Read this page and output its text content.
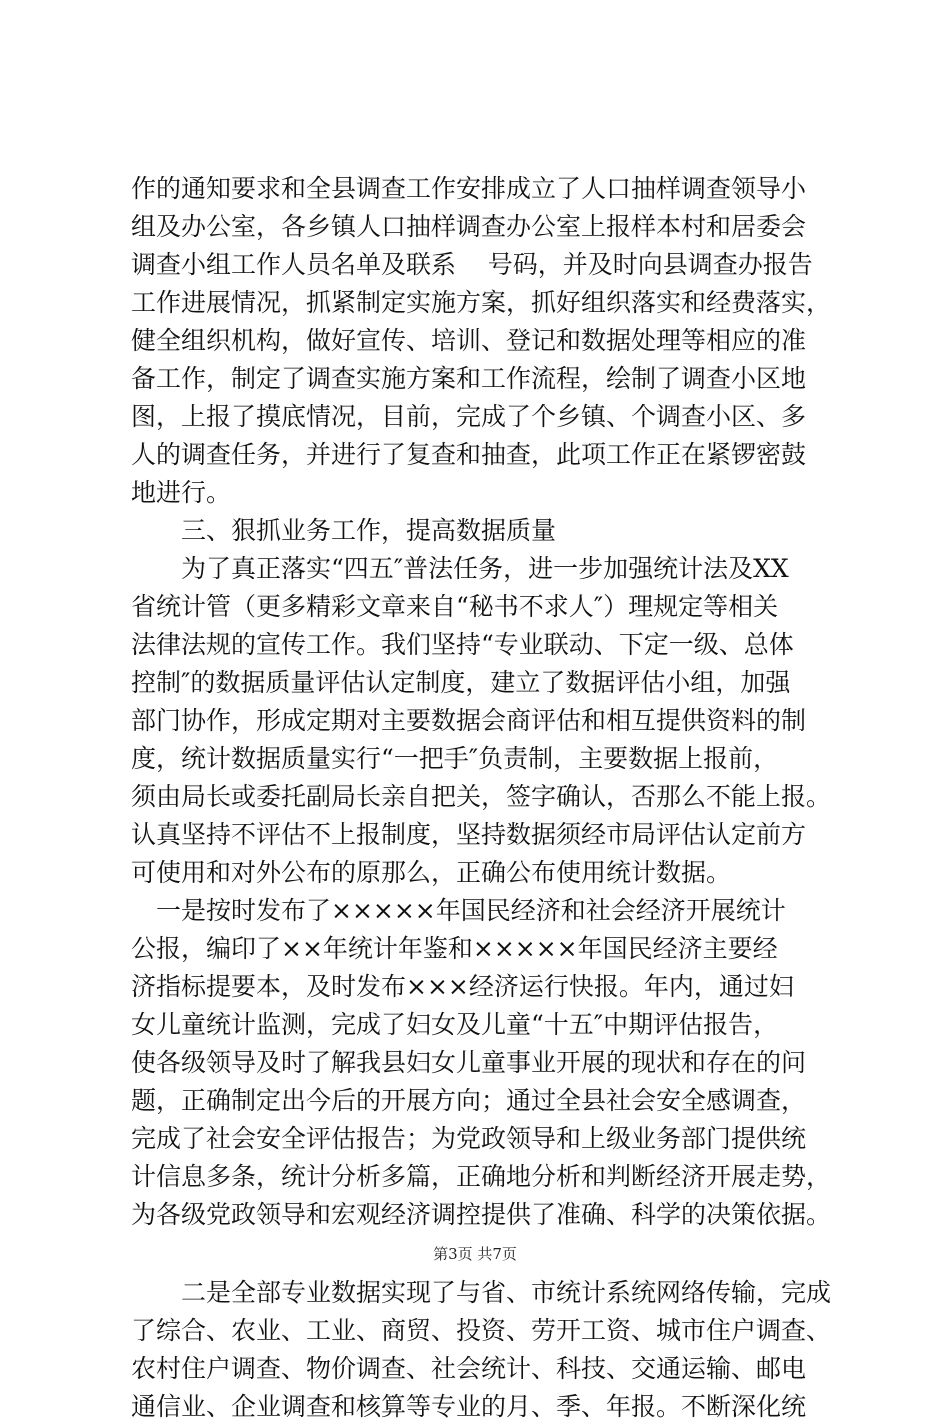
作的通知要求和全县调查工作安排成立了人口抽样调查领导小
组及办公室，各乡镇人口抽样调查办公室上报样本村和居委会
调查小组工作人员名单及联系    号码，并及时向县调查办报告
工作进展情况，抓紧制定实施方案，抓好组织落实和经费落实，
健全组织机构，做好宣传、培训、登记和数据处理等相应的准
备工作，制定了调查实施方案和工作流程，绘制了调查小区地
图，上报了摸底情况，目前，完成了个乡镇、个调查小区、多
人的调查任务，并进行了复查和抽查，此项工作正在紧锣密鼓
地进行。
三、狠抓业务工作，提高数据质量
为了真正落实“四五″普法任务，进一步加强统计法及XX
省统计管（更多精彩文章来自“秘书不求人″）理规定等相关
法律法规的宣传工作。我们坚持“专业联动、下定一级、总体
控制″的数据质量评估认定制度，建立了数据评估小组，加强
部门协作，形成定期对主要数据会商评估和相互提供资料的制
度，统计数据质量实行“一把手″负责制，主要数据上报前，
须由局长或委托副局长亲自把关，签字确认，否那么不能上报。
认真坚持不评估不上报制度，坚持数据须经市局评估认定前方
可使用和对外公布的原那么，正确公布使用统计数据。
一是按时发布了×××××年国民经济和社会经济开展统计
公报，编印了××年统计年鉴和×××××年国民经济主要经
济指标提要本，及时发布×××经济运行快报。年内，通过妇
女儿童统计监测，完成了妇女及儿童“十五″中期评估报告，
使各级领导及时了解我县妇女儿童事业开展的现状和存在的问
题，正确制定出今后的开展方向；通过全县社会安全感调查，
完成了社会安全评估报告；为党政领导和上级业务部门提供统
计信息多条，统计分析多篇，正确地分析和判断经济开展走势，
为各级党政领导和宏观经济调控提供了准确、科学的决策依据。
二是全部专业数据实现了与省、市统计系统网络传输，完成
了综合、农业、工业、商贸、投资、劳开工资、城市住户调查、
农村住户调查、物价调查、社会统计、科技、交通运输、邮电
通信业、企业调查和核算等专业的月、季、年报。不断深化统
第3页 共7页
